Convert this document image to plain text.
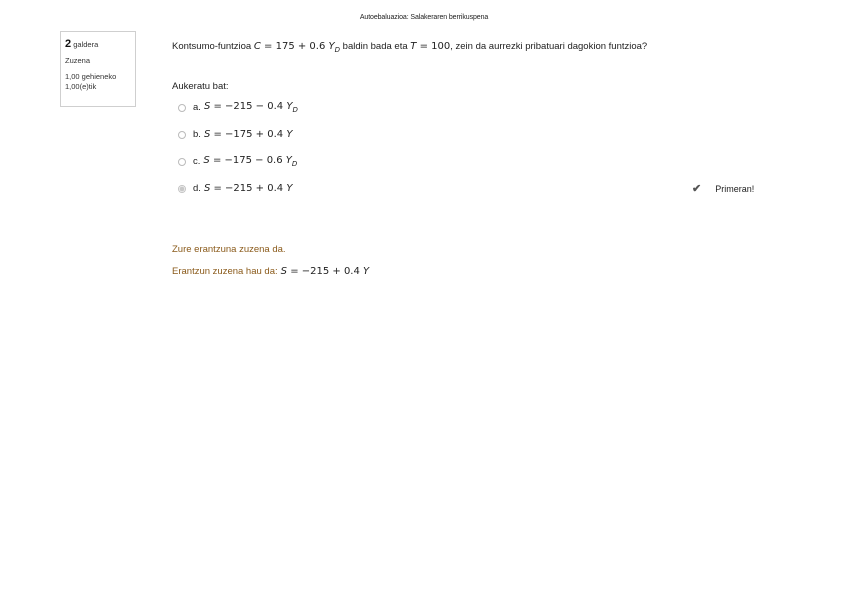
Autoebaluazioa: Salakeraren berrikuspena
2 galdera
Zuzena
1,00 gehieneko
1,00(e)tik
Kontsumo-funtzioa C = 175 + 0.6 $Y_D$ baldin bada eta T = 100, zein da aurrezki pribatuari dagokion funtzioa?
Aukeratu bat:
a. S = −215 − 0.4 $Y_D$
b. S = −175 + 0.4 Y
c. S = −175 − 0.6 $Y_D$
d. S = −215 + 0.4 Y	✔ Primeran!
Zure erantzuna zuzena da.
Erantzun zuzena hau da: S = −215 + 0.4 Y
